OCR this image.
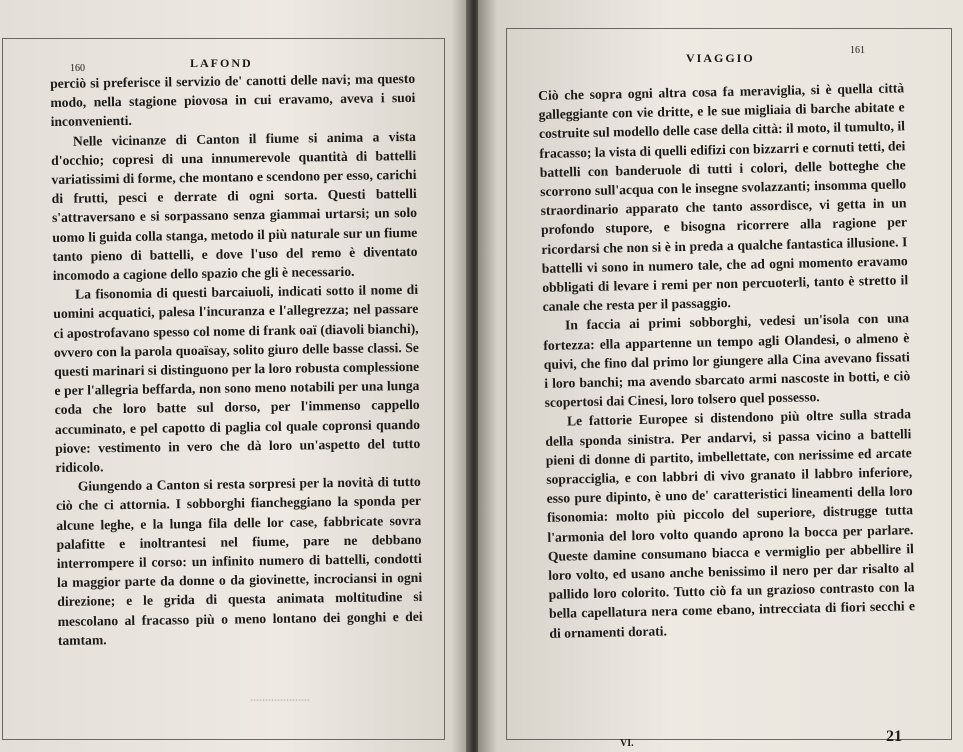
160	LAFOND

perciò si preferisce il servizio de' canotti delle navi; ma questo modo, nella stagione piovosa in cui eravamo, aveva i suoi inconvenienti.

Nelle vicinanze di Canton il fiume si anima a vista d'occhio; copresi di una innumerevole quantità di battelli variatissimi di forme, che montano e scendono per esso, carichi di frutti, pesci e derrate di ogni sorta. Questi battelli s'attraversano e si sorpassano senza giammai urtarsi; un solo uomo li guida colla stanga, metodo il più naturale sur un fiume tanto pieno di battelli, e dove l'uso del remo è diventato incomodo a cagione dello spazio che gli è necessario.

La fisonomia di questi barcaiuoli, indicati sotto il nome di uomini acquatici, palesa l'incuranza e l'allegrezza; nel passare ci apostrofavano spesso col nome di frank oaï (diavoli bianchi), ovvero con la parola quoaïsay, solito giuro delle basse classi. Se questi marinari si distinguono per la loro robusta complessione e per l'allegria beffarda, non sono meno notabili per una lunga coda che loro batte sul dorso, per l'immenso cappello accuminato, e pel capotto di paglia col quale copronsi quando piove: vestimento in vero che dà loro un'aspetto del tutto ridicolo.

Giungendo a Canton si resta sorpresi per la novità di tutto ciò che ci attornia. I sobborghi fiancheggiano la sponda per alcune leghe, e la lunga fila delle lor case, fabbricate sovra palafitte e inoltrantesi nel fiume, pare ne debbano interrompere il corso: un infinito numero di battelli, condotti la maggior parte da donne o da giovinette, incrociansi in ogni direzione; e le grida di questa animata moltitudine si mescolano al fracasso più o meno lontano dei gonghi e dei tamtam.

....................
VIAGGIO
161

Ciò che sopra ogni altra cosa fa meraviglia, si è quella città galleggiante con vie dritte, e le sue migliaia di barche abitate e costruite sul modello delle case della città: il moto, il tumulto, il fracasso; la vista di quelli edifizi con bizzarri e cornuti tetti, dei battelli con banderuole di tutti i colori, delle botteghe che scorrono sull'acqua con le insegne svolazzanti; insomma quello straordinario apparato che tanto assordisce, vi getta in un profondo stupore, e bisogna ricorrere alla ragione per ricordarsi che non si è in preda a qualche fantastica illusione. I battelli vi sono in numero tale, che ad ogni momento eravamo obbligati di levare i remi per non percuoterli, tanto è stretto il canale che resta per il passaggio.

In faccia ai primi sobborghi, vedesi un'isola con una fortezza: ella appartenne un tempo agli Olandesi, o almeno è quivi, che fino dal primo lor giungere alla Cina avevano fissati i loro banchi; ma avendo sbarcato armi nascoste in botti, e ciò scopertosi dai Cinesi, loro tolsero quel possesso.

Le fattorie Europee si distendono più oltre sulla strada della sponda sinistra. Per andarvi, si passa vicino a battelli pieni di donne di partito, imbellettate, con nerissime ed arcate sopracciglia, e con labbri di vivo granato il labbro inferiore, esso pure dipinto, è uno de' caratteristici lineamenti della loro fisonomia: molto più piccolo del superiore, distrugge tutta l'armonia del loro volto quando aprono la bocca per parlare. Queste damine consumano biacca e vermiglio per abbellire il loro volto, ed usano anche benissimo il nero per dar risalto al pallido loro colorito. Tutto ciò fa un grazioso contrasto con la bella capellatura nera come ebano, intrecciata di fiori secchi e di ornamenti dorati.

VI.	21
